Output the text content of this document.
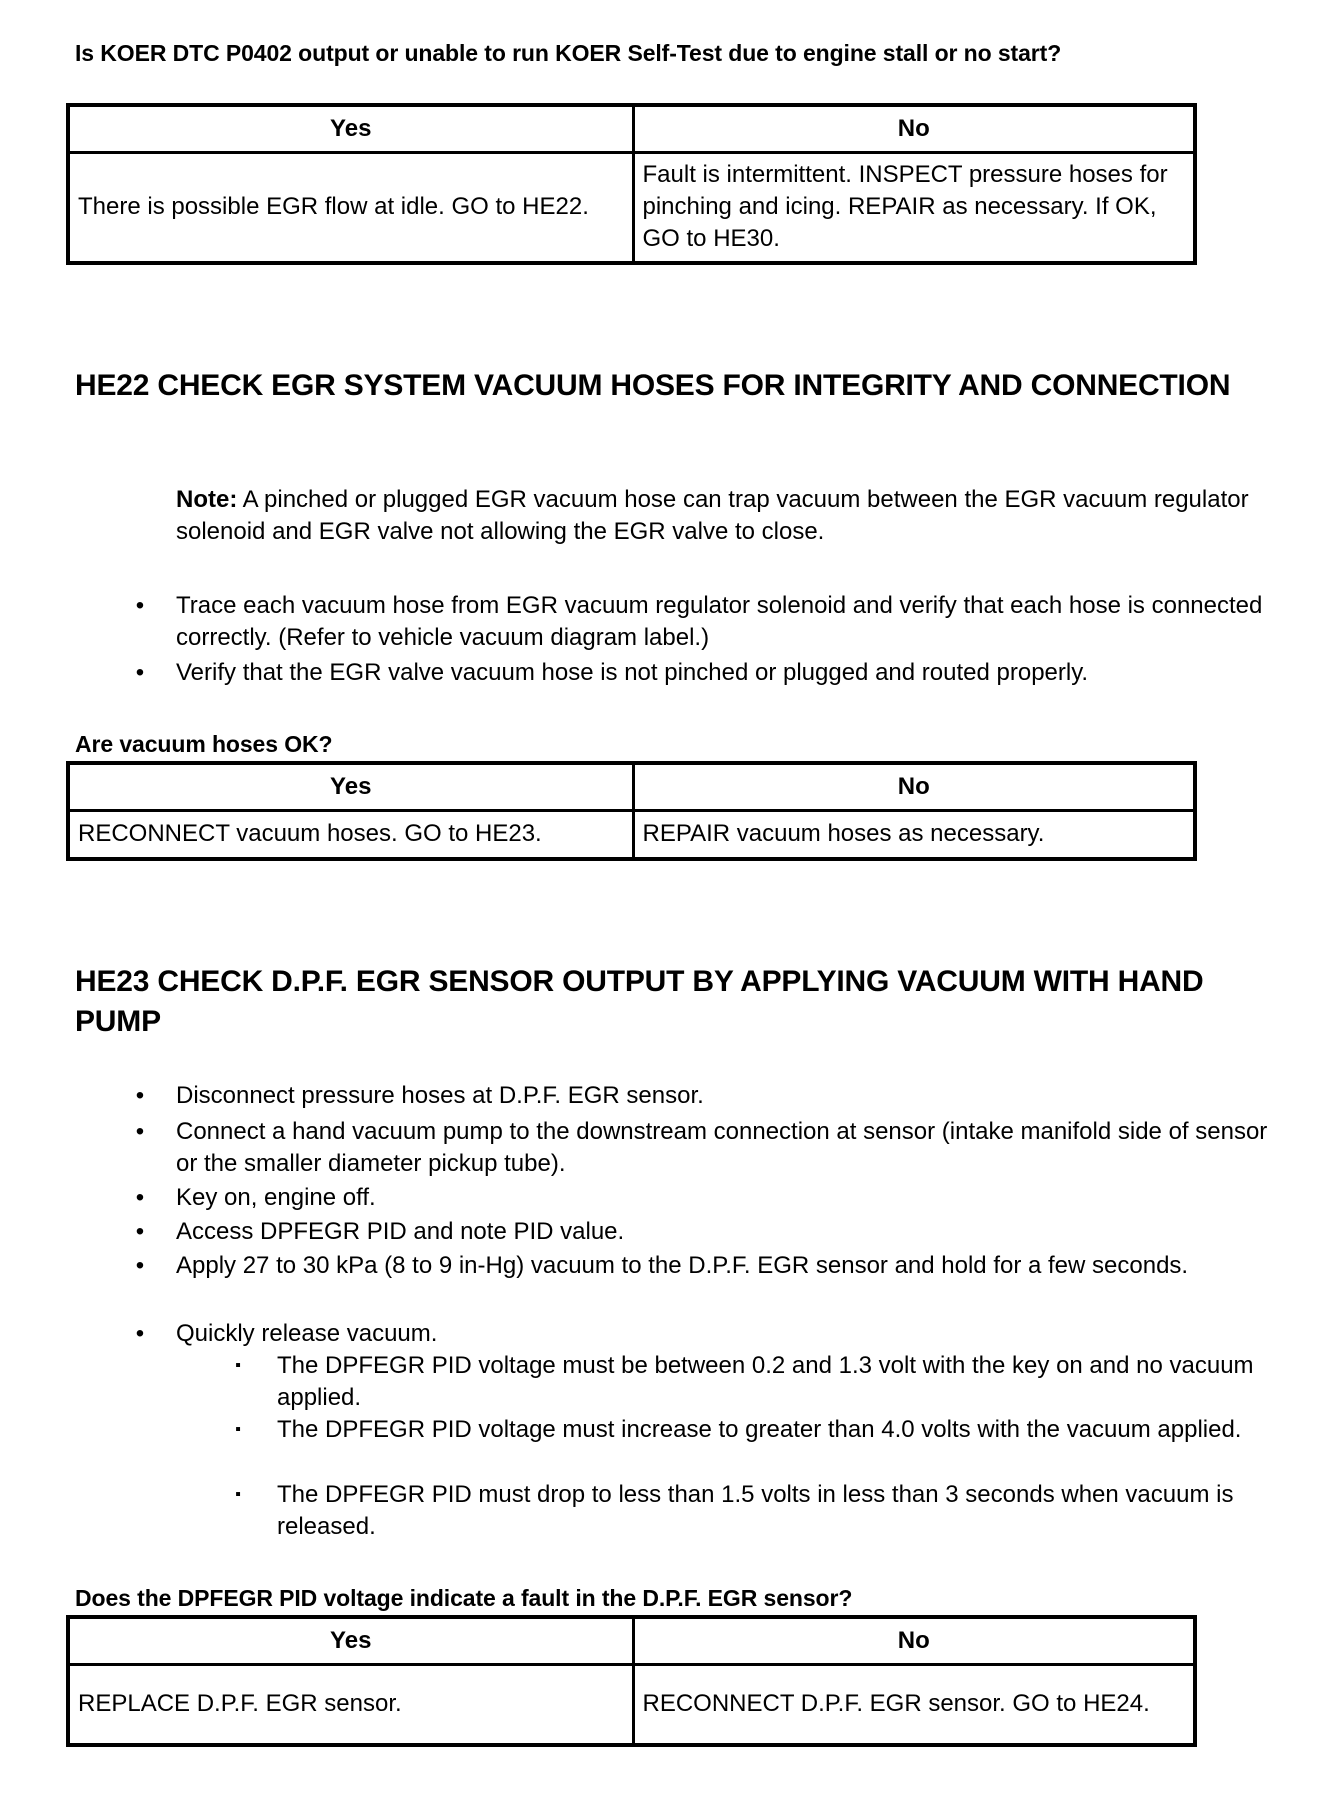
Is KOER DTC P0402 output or unable to run KOER Self-Test due to engine stall or no start?
Yes	No
There is possible EGR flow at idle. GO to HE22.	Fault is intermittent. INSPECT pressure hoses for pinching and icing. REPAIR as necessary. If OK, GO to HE30.
HE22 CHECK EGR SYSTEM VACUUM HOSES FOR INTEGRITY AND CONNECTION
Note: A pinched or plugged EGR vacuum hose can trap vacuum between the EGR vacuum regulator solenoid and EGR valve not allowing the EGR valve to close.
• Trace each vacuum hose from EGR vacuum regulator solenoid and verify that each hose is connected correctly. (Refer to vehicle vacuum diagram label.)
• Verify that the EGR valve vacuum hose is not pinched or plugged and routed properly.
Are vacuum hoses OK?
Yes	No
RECONNECT vacuum hoses. GO to HE23.	REPAIR vacuum hoses as necessary.
HE23 CHECK D.P.F. EGR SENSOR OUTPUT BY APPLYING VACUUM WITH HAND PUMP
• Disconnect pressure hoses at D.P.F. EGR sensor.
• Connect a hand vacuum pump to the downstream connection at sensor (intake manifold side of sensor or the smaller diameter pickup tube).
• Key on, engine off.
• Access DPFEGR PID and note PID value.
• Apply 27 to 30 kPa (8 to 9 in-Hg) vacuum to the D.P.F. EGR sensor and hold for a few seconds.
• Quickly release vacuum.
▪ The DPFEGR PID voltage must be between 0.2 and 1.3 volt with the key on and no vacuum applied.
▪ The DPFEGR PID voltage must increase to greater than 4.0 volts with the vacuum applied.
▪ The DPFEGR PID must drop to less than 1.5 volts in less than 3 seconds when vacuum is released.
Does the DPFEGR PID voltage indicate a fault in the D.P.F. EGR sensor?
Yes	No
REPLACE D.P.F. EGR sensor.	RECONNECT D.P.F. EGR sensor. GO to HE24.
